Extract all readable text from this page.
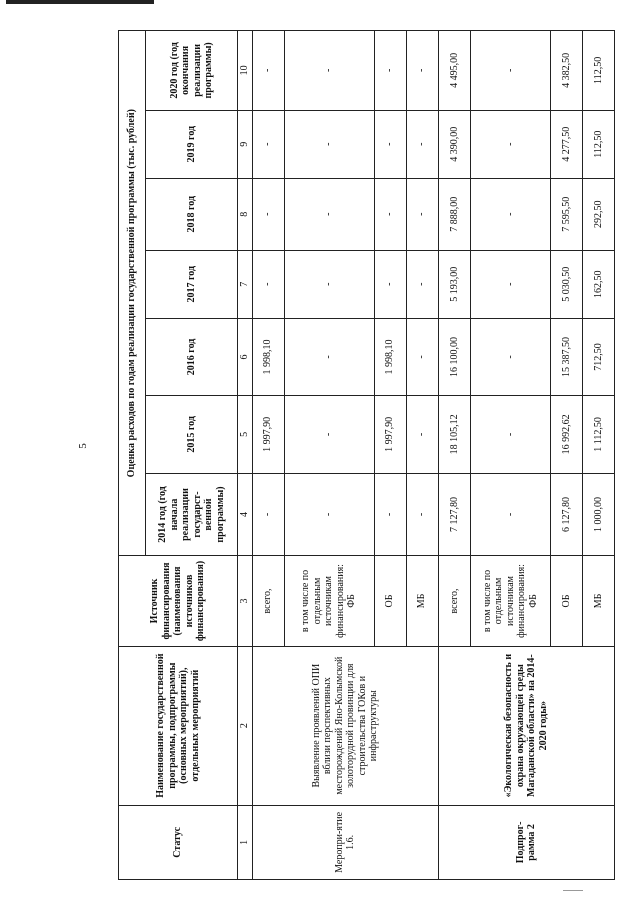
5
Статус	Наименование государственной программы, подпрограммы (основных мероприятий), отдельных мероприятий	Источник финансирования (наименования источников финансирования)	Оценка расходов по годам реализации государственной программы (тыс. рублей)						
			2014 год (год начала реализации государст-венной программы)	2015 год	2016 год	2017 год	2018 год	2019 год	2020 год (год окончания реализации программы)
1	2	3	4	5	6	7	8	9	10
Меропри-ятие 1.6.	Выявление проявлений ОПИ вблизи перспективных месторождений Яно-Колымской золоторудной провинции для строительства ГОКов и инфраструктуры	всего,	-	1 997,90	1 998,10	-	-	-	-
		в том числе по отдельным источникам финансирования: ФБ	-	-	-	-	-	-	-
		ОБ	-	1 997,90	1 998,10	-	-	-	-
		МБ	-	-	-	-	-	-	-
Подпрог-рамма 2	«Экологическая безопасность и охрана окружающей среды Магаданской области» на 2014-2020 годы»	всего,	7 127,80	18 105,12	16 100,00	5 193,00	7 888,00	4 390,00	4 495,00
		в том числе по отдельным источникам финансирования: ФБ	-	-	-	-	-	-	-
		ОБ	6 127,80	16 992,62	15 387,50	5 030,50	7 595,50	4 277,50	4 382,50
		МБ	1 000,00	1 112,50	712,50	162,50	292,50	112,50	112,50
